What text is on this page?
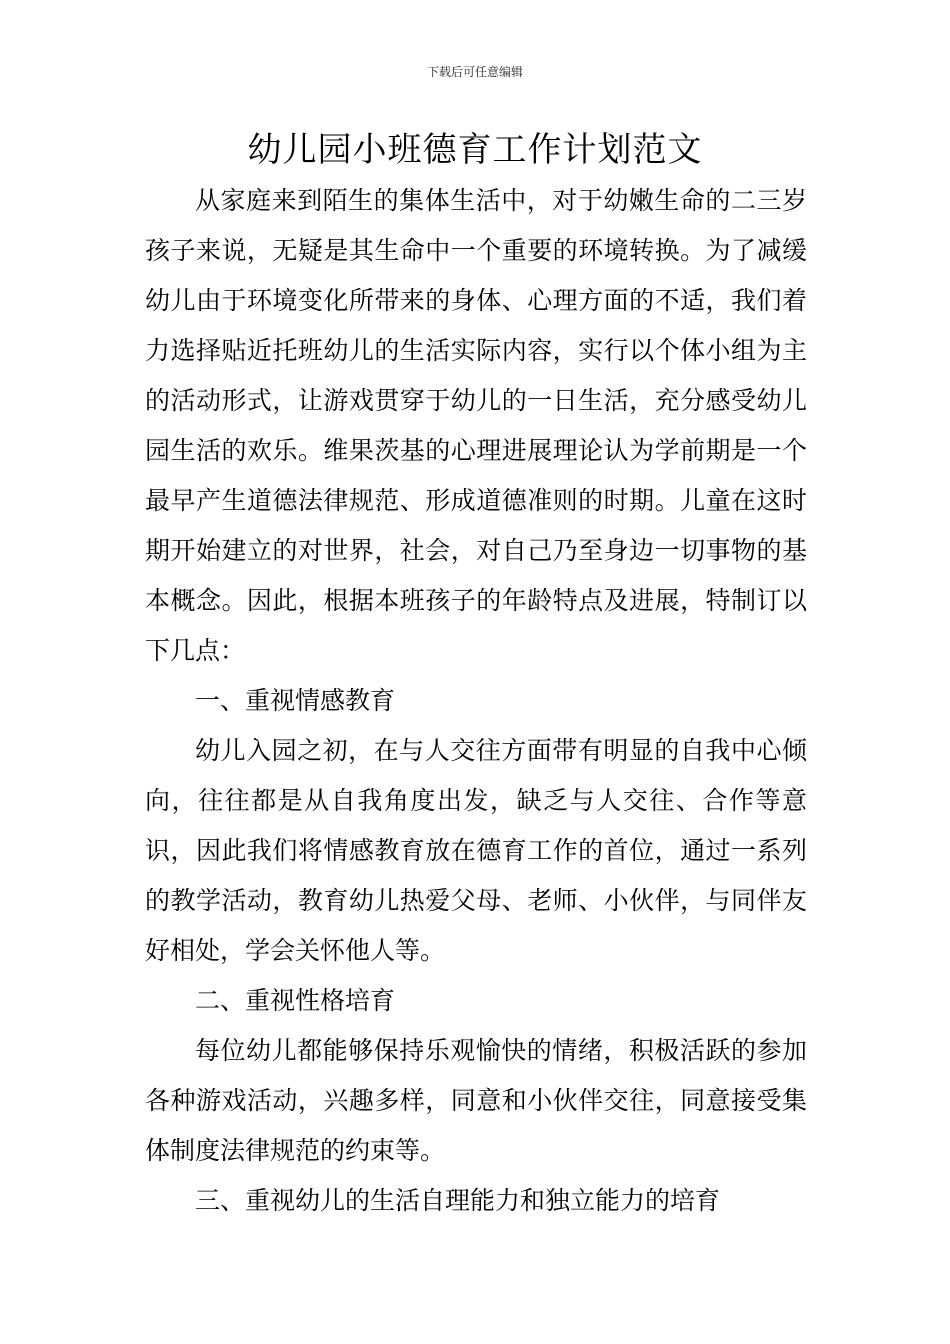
下载后可任意编辑
幼儿园小班德育工作计划范文

从家庭来到陌生的集体生活中，对于幼嫩生命的二三岁孩子来说，无疑是其生命中一个重要的环境转换。为了减缓幼儿由于环境变化所带来的身体、心理方面的不适，我们着力选择贴近托班幼儿的生活实际内容，实行以个体小组为主的活动形式，让游戏贯穿于幼儿的一日生活，充分感受幼儿园生活的欢乐。维果茨基的心理进展理论认为学前期是一个最早产生道德法律规范、形成道德准则的时期。儿童在这时期开始建立的对世界，社会，对自己乃至身边一切事物的基本概念。因此，根据本班孩子的年龄特点及进展，特制订以下几点：

一、重视情感教育

幼儿入园之初，在与人交往方面带有明显的自我中心倾向，往往都是从自我角度出发，缺乏与人交往、合作等意识，因此我们将情感教育放在德育工作的首位，通过一系列的教学活动，教育幼儿热爱父母、老师、小伙伴，与同伴友好相处，学会关怀他人等。

二、重视性格培育

每位幼儿都能够保持乐观愉快的情绪，积极活跃的参加各种游戏活动，兴趣多样，同意和小伙伴交往，同意接受集体制度法律规范的约束等。

三、重视幼儿的生活自理能力和独立能力的培育
